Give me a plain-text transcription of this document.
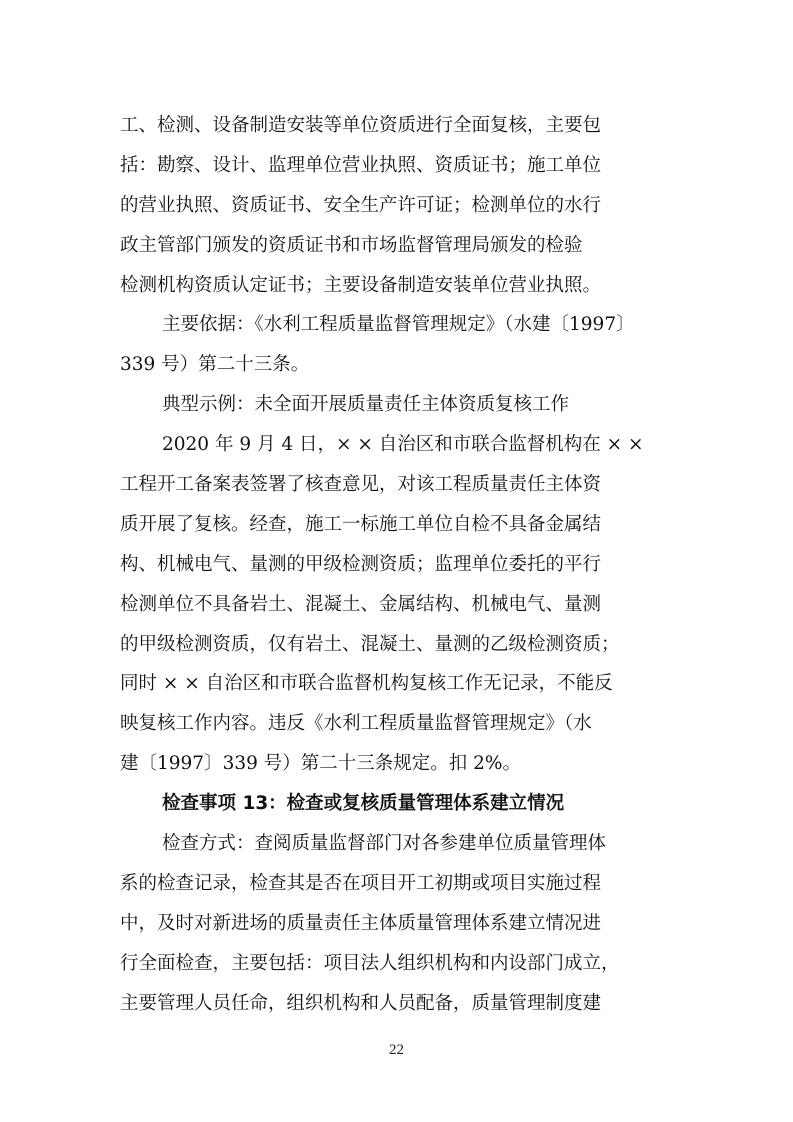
工、检测、设备制造安装等单位资质进行全面复核，主要包
括：勘察、设计、监理单位营业执照、资质证书；施工单位
的营业执照、资质证书、安全生产许可证；检测单位的水行
政主管部门颁发的资质证书和市场监督管理局颁发的检验
检测机构资质认定证书；主要设备制造安装单位营业执照。
主要依据：《水利工程质量监督管理规定》（水建〔1997〕
339 号）第二十三条。
典型示例：未全面开展质量责任主体资质复核工作
2020 年 9 月 4 日，× × 自治区和市联合监督机构在 × ×
工程开工备案表签署了核查意见，对该工程质量责任主体资
质开展了复核。经查，施工一标施工单位自检不具备金属结
构、机械电气、量测的甲级检测资质；监理单位委托的平行
检测单位不具备岩土、混凝土、金属结构、机械电气、量测
的甲级检测资质，仅有岩土、混凝土、量测的乙级检测资质；
同时 × × 自治区和市联合监督机构复核工作无记录，不能反
映复核工作内容。违反《水利工程质量监督管理规定》（水
建〔1997〕339 号）第二十三条规定。扣 2%。
检查事项 13：检查或复核质量管理体系建立情况
检查方式：查阅质量监督部门对各参建单位质量管理体
系的检查记录，检查其是否在项目开工初期或项目实施过程
中，及时对新进场的质量责任主体质量管理体系建立情况进
行全面检查，主要包括：项目法人组织机构和内设部门成立，
主要管理人员任命，组织机构和人员配备，质量管理制度建
22
